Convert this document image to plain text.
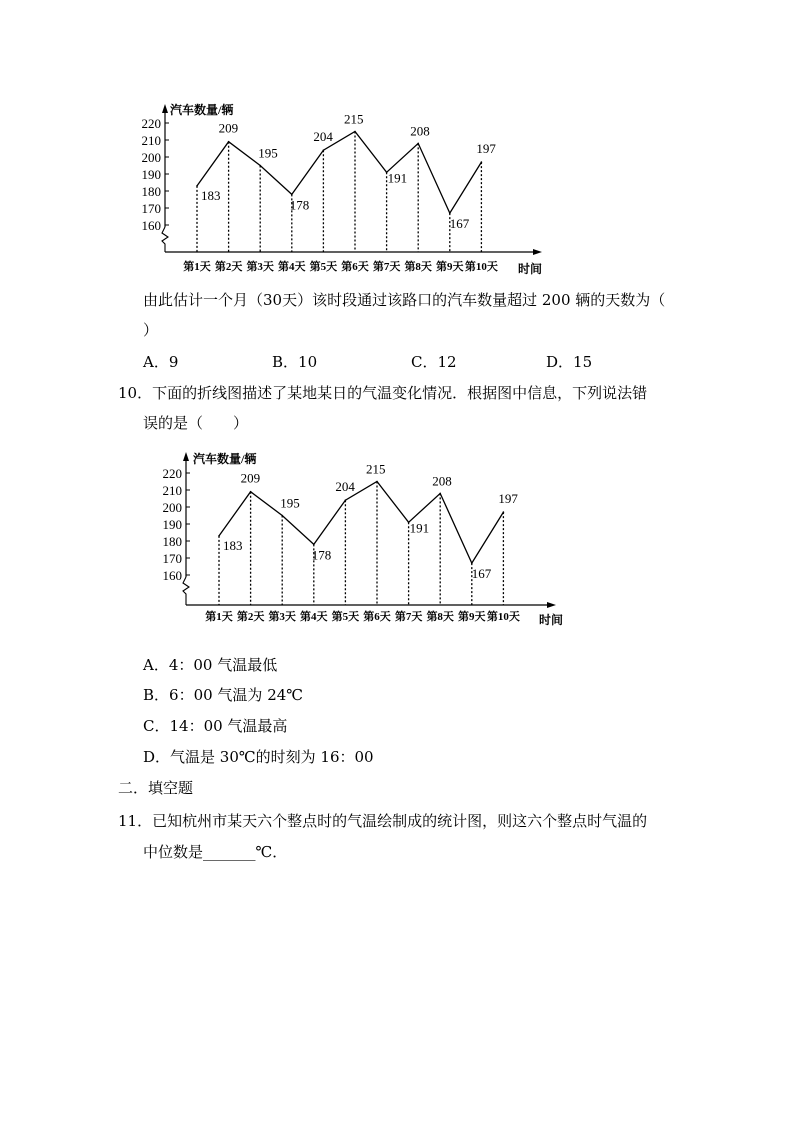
160
170
180
190
200
210
220
汽车数量/辆
时间
第1天 第2天 第3天 第4天 第5天 第6天 第7天 第8天 第9天 第10天
183
209
195
178
204
215
191
208
167
197
由此估计一个月（30天）该时段通过该路口的汽车数量超过 200 辆的天数为（
）
A．9	B．10	C．12	D．15
10．下面的折线图描述了某地某日的气温变化情况．根据图中信息，下列说法错
误的是（　　）
160
170
180
190
200
210
220
汽车数量/辆
时间
第1天 第2天 第3天 第4天 第5天 第6天 第7天 第8天 第9天 第10天
183
209
195
178
204
215
191
208
167
197
A．4：00 气温最低
B．6：00 气温为 24℃
C．14：00 气温最高
D．气温是 30℃的时刻为 16：00
二．填空题
11．已知杭州市某天六个整点时的气温绘制成的统计图，则这六个整点时气温的
中位数是_______℃．
